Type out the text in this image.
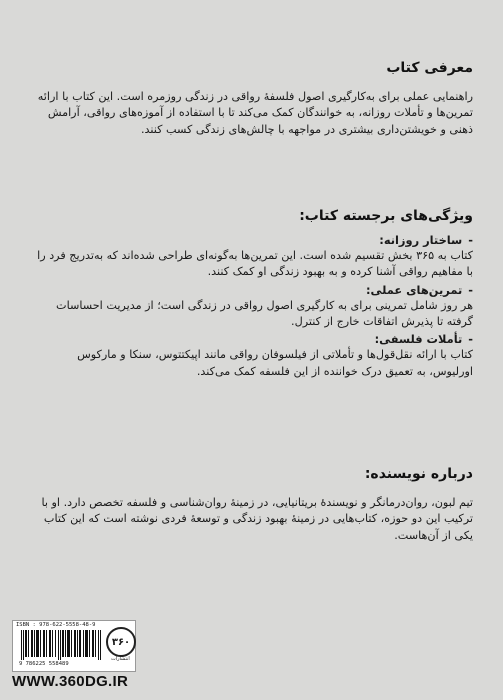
معرفی کتاب

راهنمایی عملی برای به‌کارگیری اصول فلسفهٔ رواقی در زندگی روزمره است. این کتاب با ارائه تمرین‌ها و تأملات روزانه، به خوانندگان کمک می‌کند تا با استفاده از آموزه‌های رواقی، آرامش ذهنی و خویشتن‌داری بیشتری در مواجهه با چالش‌های زندگی کسب کنند.

ویژگی‌های برجسته کتاب:
-
ساختار روزانه:

کتاب به ۳۶۵ بخش تقسیم شده است. این تمرین‌ها به‌گونه‌ای طراحی شده‌اند که به‌تدریج فرد را با مفاهیم رواقی آشنا کرده و به بهبود زندگی او کمک کنند.

-
تمرین‌های عملی:

هر روز شامل تمرینی برای به کارگیری اصول رواقی در زندگی است؛ از مدیریت احساسات گرفته تا پذیرش اتفاقات خارج از کنترل.

-
تأملات فلسفی:

کتاب با ارائه نقل‌قول‌ها و تأملاتی از فیلسوفان رواقی مانند اپیکتتوس، سنکا و مارکوس اورلیوس، به تعمیق درک خواننده از این فلسفه کمک می‌کند.

درباره نویسنده:

تیم لبون، روان‌درمانگر و نویسندهٔ بریتانیایی، در زمینهٔ روان‌شناسی و فلسفه تخصص دارد. او با ترکیب این دو حوزه، کتاب‌هایی در زمینهٔ بهبود زندگی و توسعهٔ فردی نوشته است که این کتاب یکی از آن‌هاست.

ISBN : 978-622-5558-48-9
9 786225 558489
۳۶۰
انتشارات
WWW.360DG.IR
